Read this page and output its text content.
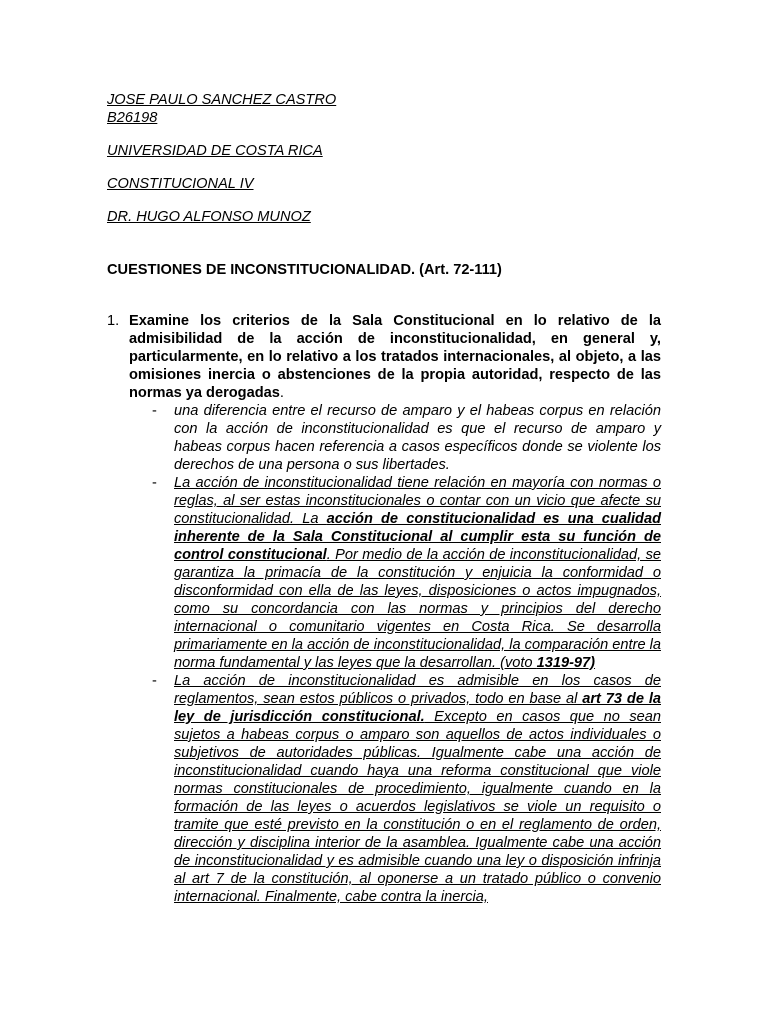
JOSE PAULO SANCHEZ CASTRO

B26198

UNIVERSIDAD DE COSTA RICA

CONSTITUCIONAL IV

DR. HUGO ALFONSO MUNOZ

CUESTIONES DE INCONSTITUCIONALIDAD. (Art. 72-111)

1. Examine los criterios de la Sala Constitucional en lo relativo de la admisibilidad de la acción de inconstitucionalidad, en general y, particularmente, en lo relativo a los tratados internacionales, al objeto, a las omisiones inercia o abstenciones de la propia autoridad, respecto de las normas ya derogadas.
- una diferencia entre el recurso de amparo y el habeas corpus en relación con la acción de inconstitucionalidad es que el recurso de amparo y habeas corpus hacen referencia a casos específicos donde se violente los derechos de una persona o sus libertades.
- La acción de inconstitucionalidad tiene relación en mayoría con normas o reglas, al ser estas inconstitucionales o contar con un vicio que afecte su constitucionalidad. La acción de constitucionalidad es una cualidad inherente de la Sala Constitucional al cumplir esta su función de control constitucional. Por medio de la acción de inconstitucionalidad, se garantiza la primacía de la constitución y enjuicia la conformidad o disconformidad con ella de las leyes, disposiciones o actos impugnados, como su concordancia con las normas y principios del derecho internacional o comunitario vigentes en Costa Rica. Se desarrolla primariamente en la acción de inconstitucionalidad, la comparación entre la norma fundamental y las leyes que la desarrollan. (voto 1319-97)
- La acción de inconstitucionalidad es admisible en los casos de reglamentos, sean estos públicos o privados, todo en base al art 73 de la ley de jurisdicción constitucional. Excepto en casos que no sean sujetos a habeas corpus o amparo son aquellos de actos individuales o subjetivos de autoridades públicas. Igualmente cabe una acción de inconstitucionalidad cuando haya una reforma constitucional que viole normas constitucionales de procedimiento, igualmente cuando en la formación de las leyes o acuerdos legislativos se viole un requisito o tramite que esté previsto en la constitución o en el reglamento de orden, dirección y disciplina interior de la asamblea. Igualmente cabe una acción de inconstitucionalidad y es admisible cuando una ley o disposición infrinja al art 7 de la constitución, al oponerse a un tratado público o convenio internacional. Finalmente, cabe contra la inercia,
